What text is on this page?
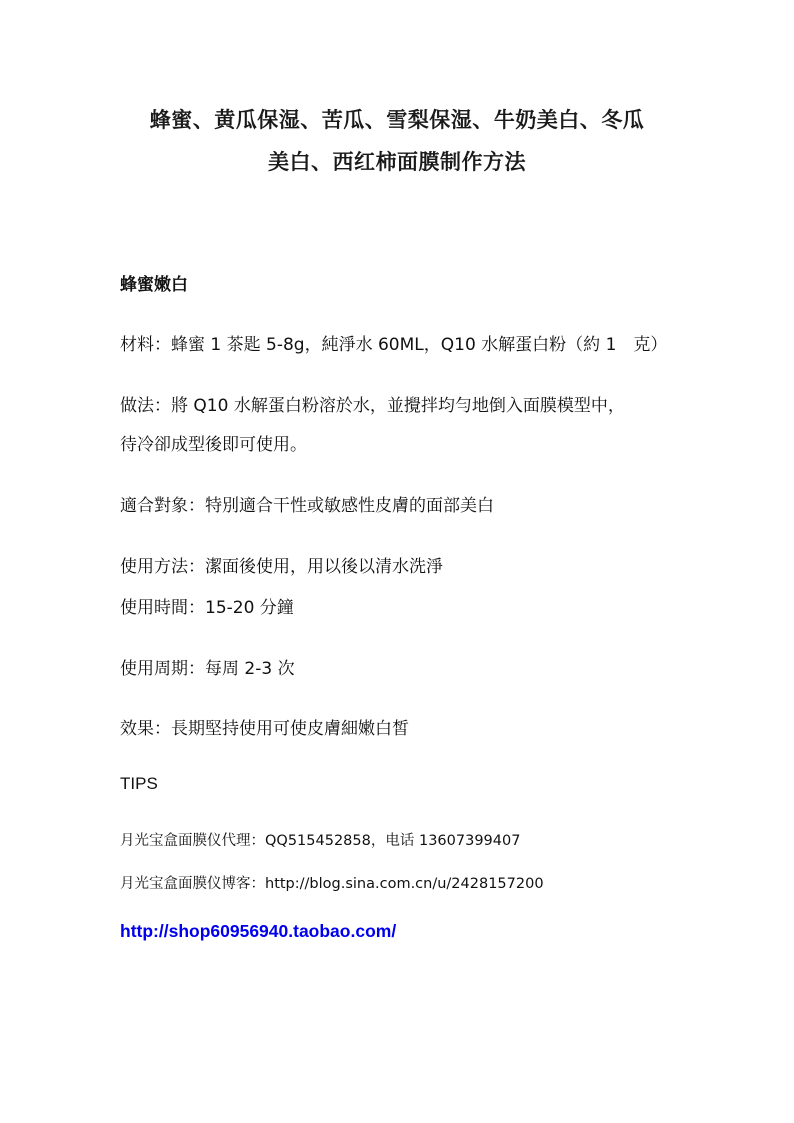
蜂蜜、黄瓜保湿、苦瓜、雪梨保湿、牛奶美白、冬瓜
美白、西红柿面膜制作方法
蜂蜜嫩白
材料：蜂蜜 1 茶匙 5-8g，純淨水 60ML，Q10 水解蛋白粉（約 1　克）
做法：將 Q10 水解蛋白粉溶於水，並攪拌均勻地倒入面膜模型中，
待冷卻成型後即可使用。
適合對象：特別適合干性或敏感性皮膚的面部美白
使用方法：潔面後使用，用以後以清水洗淨
使用時間：15-20 分鐘
使用周期：每周 2-3 次
效果：長期堅持使用可使皮膚細嫩白皙
TIPS
月光宝盒面膜仪代理：QQ515452858，电话 13607399407
月光宝盒面膜仪博客：http://blog.sina.com.cn/u/2428157200
http://shop60956940.taobao.com/
